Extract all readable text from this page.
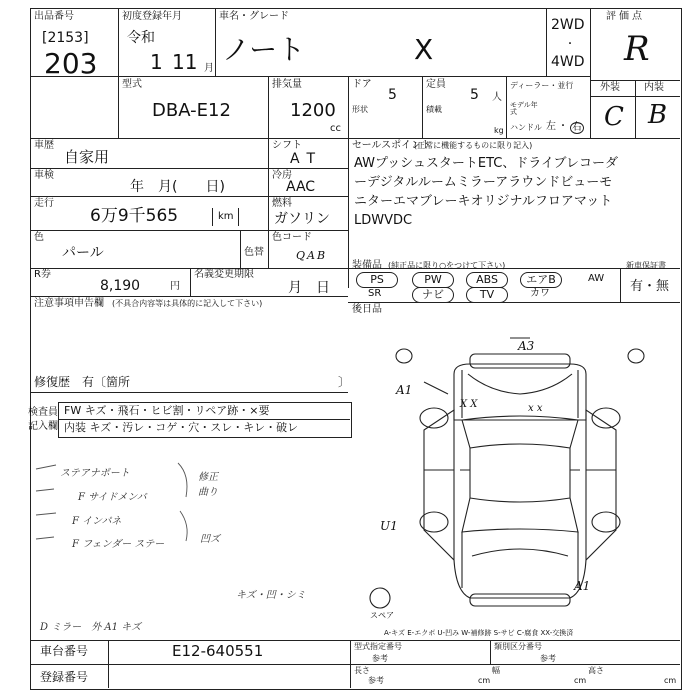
出品番号
[2153]
203
初度登録年月
令和
1 11 月
車名・グレード
ノート	X
2WD
・
4WD
評価点
R
外装 内装
C B
型式
DBA-E12
排気量
1200
cc
ドア
5
形状
定員
5 人
積載
kg
ディーラー・並行
モデル年式
ハンドル 左 ・ 右
車歴
自家用
シフト
AT
車検
年　月(　　日)
冷房
AAC
走行
6万9千565	km
燃料
ガソリン
色
パール	色替
色コード
QAB
セールスポイント
(正常に機能するものに限り記入)
AWプッシュスタートETC、ドライブレコーダ
ーデジタルルームミラーアラウンドビューモ
ニターエマブレーキオリジナルフロアマット
LDWVDC
装備品 (純正品に限り○をつけて下さい)
PS	PW	ABS	エアB	AW
SR	ナビ	TV	カワ
新車保証書
有・無
後日品
R券
8,190	円
名義変更期限
月　日
注意事項申告欄 (不具合内容等は具体的に記入して下さい)
修復歴 有〔箇所	〕
検査員記入欄
FW キズ・飛石・ヒビ割・リペア跡・×要
内装 キズ・汚レ・コゲ・穴・スレ・キレ・破レ
ステアナポート
F サイドメンバ
F インパネ
F フェンダー ステー
修正曲り
凹ズ
D ミラー　外 A1 キズ
キズ・凹・シミ
A3
A1
X X
U1
A1
x x
スペア
A-キズ E-エクボ U-凹み W-補修跡 S-サビ C-腐食 XX-交換済
車台番号	E12-640551
登録番号
型式指定番号
参考
類別区分番号
参考
長さ
参考	cm
幅
cm
高さ
cm
